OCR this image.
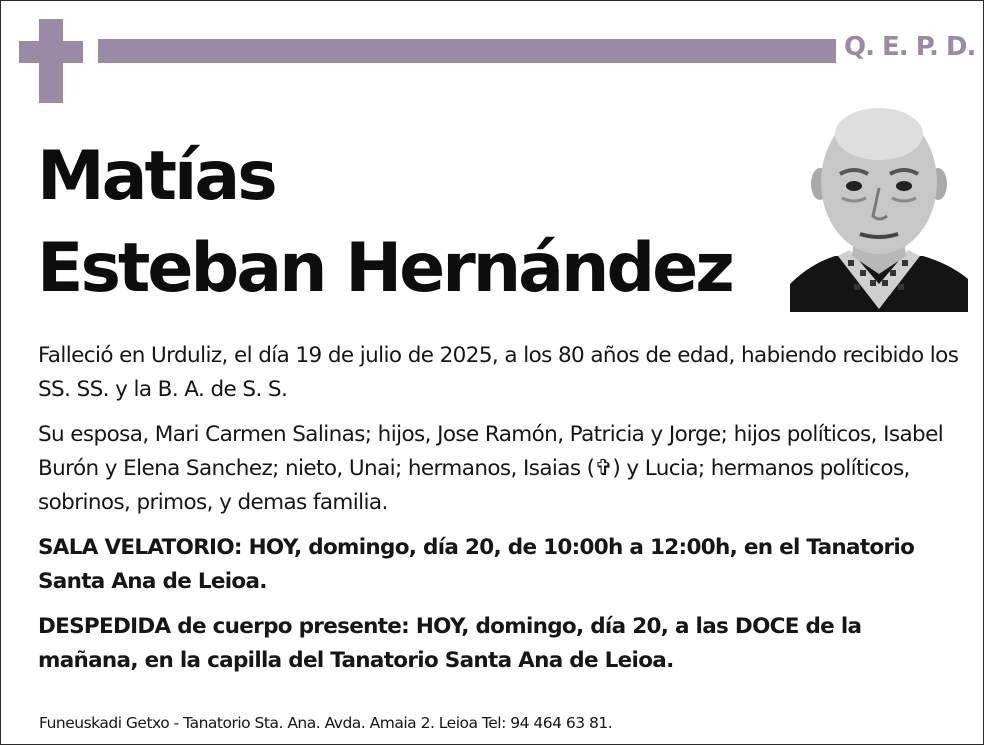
Q. E. P. D.
Matías
Esteban Hernández

Falleció en Urduliz, el día 19 de julio de 2025, a los 80 años de edad, habiendo recibido los SS. SS. y la B. A. de S. S.

Su esposa, Mari Carmen Salinas; hijos, Jose Ramón, Patricia y Jorge; hijos políticos, Isabel Burón y Elena Sanchez; nieto, Unai; hermanos, Isaias (✞) y Lucia; hermanos políticos, sobrinos, primos, y demas familia.

SALA VELATORIO: HOY, domingo, día 20, de 10:00h a 12:00h, en el Tanatorio Santa Ana de Leioa.

DESPEDIDA de cuerpo presente: HOY, domingo, día 20, a las DOCE de la mañana, en la capilla del Tanatorio Santa Ana de Leioa.

Funeuskadi Getxo - Tanatorio Sta. Ana. Avda. Amaia 2. Leioa Tel: 94 464 63 81.
